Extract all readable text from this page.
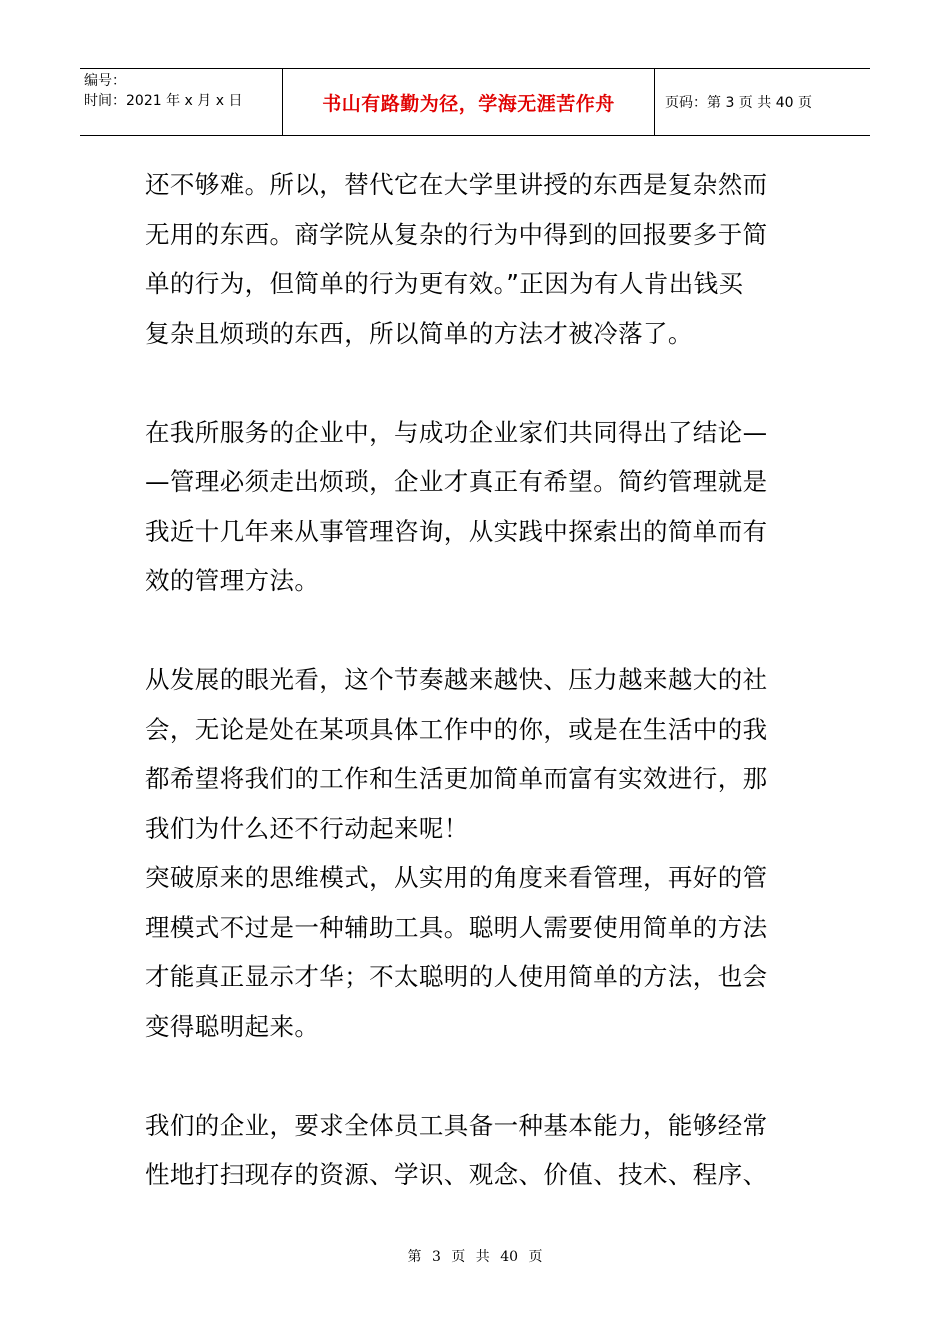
编号：
时间：2021 年 x 月 x 日	书山有路勤为径，学海无涯苦作舟	页码：第 3 页 共 40 页
还不够难。所以，替代它在大学里讲授的东西是复杂然而
无用的东西。商学院从复杂的行为中得到的回报要多于简
单的行为，但简单的行为更有效。”正因为有人肯出钱买
复杂且烦琐的东西，所以简单的方法才被冷落了。
在我所服务的企业中，与成功企业家们共同得出了结论—
—管理必须走出烦琐，企业才真正有希望。简约管理就是
我近十几年来从事管理咨询，从实践中探索出的简单而有
效的管理方法。
从发展的眼光看，这个节奏越来越快、压力越来越大的社
会，无论是处在某项具体工作中的你，或是在生活中的我
都希望将我们的工作和生活更加简单而富有实效进行，那
我们为什么还不行动起来呢！
突破原来的思维模式，从实用的角度来看管理，再好的管
理模式不过是一种辅助工具。聪明人需要使用简单的方法
才能真正显示才华；不太聪明的人使用简单的方法，也会
变得聪明起来。
我们的企业，要求全体员工具备一种基本能力，能够经常
性地打扫现存的资源、学识、观念、价值、技术、程序、
第 3 页 共 40 页
